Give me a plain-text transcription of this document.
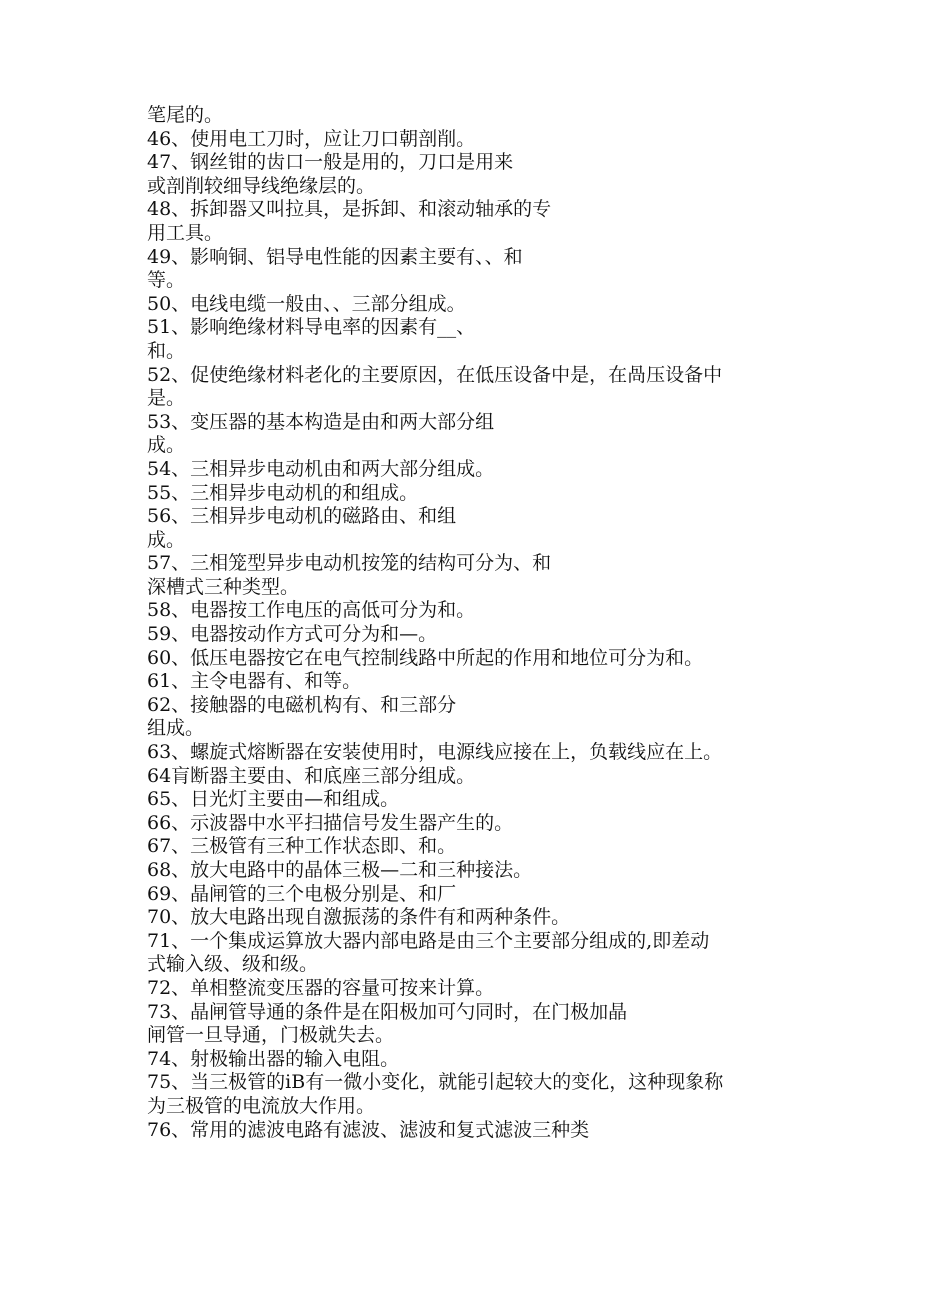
笔尾的。
46、使用电工刀时，应让刀口朝剖削。
47、钢丝钳的齿口一般是用的，刀口是用来
或剖削较细导线绝缘层的。
48、拆卸器又叫拉具，是拆卸、和滚动轴承的专
用工具。
49、影响铜、铝导电性能的因素主要有、、和
等。
50、电线电缆一般由、、三部分组成。
51、影响绝缘材料导电率的因素有__、
和。
52、促使绝缘材料老化的主要原因，在低压设备中是，在咼压设备中
是。
53、变压器的基本构造是由和两大部分组
成。
54、三相异步电动机由和两大部分组成。
55、三相异步电动机的和组成。
56、三相异步电动机的磁路由、和组
成。
57、三相笼型异步电动机按笼的结构可分为、和
深槽式三种类型。
58、电器按工作电压的高低可分为和。
59、电器按动作方式可分为和—。
60、低压电器按它在电气控制线路中所起的作用和地位可分为和。
61、主令电器有、和等。
62、接触器的电磁机构有、和三部分
组成。
63、螺旋式熔断器在安装使用时，电源线应接在上，负载线应在上。
64肓断器主要由、和底座三部分组成。
65、日光灯主要由—和组成。
66、示波器中水平扫描信号发生器产生的。
67、三极管有三种工作状态即、和。
68、放大电路中的晶体三极—二和三种接法。
69、晶闸管的三个电极分别是、和厂
70、放大电路出现自激振荡的条件有和两种条件。
71、一个集成运算放大器内部电路是由三个主要部分组成的,即差动
式输入级、级和级。
72、单相整流变压器的容量可按来计算。
73、晶闸管导通的条件是在阳极加可勺同时，在门极加晶
闸管一旦导通，门极就失去。
74、射极输出器的输入电阻。
75、当三极管的iB有一微小变化，就能引起较大的变化，这种现象称
为三极管的电流放大作用。
76、常用的滤波电路有滤波、滤波和复式滤波三种类
